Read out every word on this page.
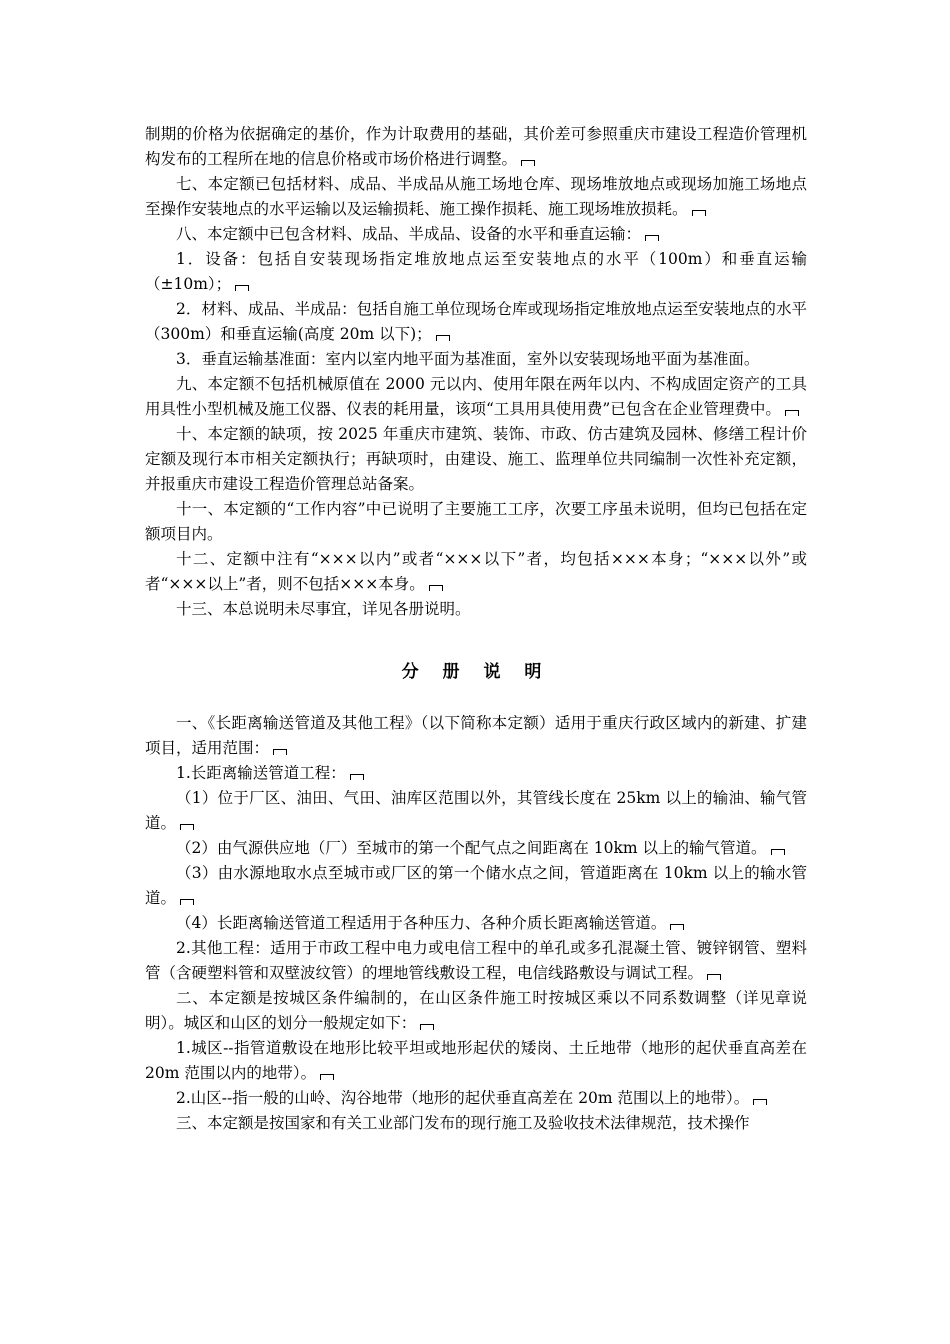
制期的价格为依据确定的基价，作为计取费用的基础，其价差可参照重庆市建设工程造价管理机构发布的工程所在地的信息价格或市场价格进行调整。

七、本定额已包括材料、成品、半成品从施工场地仓库、现场堆放地点或现场加施工场地点至操作安装地点的水平运输以及运输损耗、施工操作损耗、施工现场堆放损耗。

八、本定额中已包含材料、成品、半成品、设备的水平和垂直运输：

1．设备：包括自安装现场指定堆放地点运至安装地点的水平（100m）和垂直运输（±10m）；

2．材料、成品、半成品：包括自施工单位现场仓库或现场指定堆放地点运至安装地点的水平（300m）和垂直运输(高度 20m 以下)；

3．垂直运输基准面：室内以室内地平面为基准面，室外以安装现场地平面为基准面。

九、本定额不包括机械原值在 2000 元以内、使用年限在两年以内、不构成固定资产的工具用具性小型机械及施工仪器、仪表的耗用量，该项“工具用具使用费”已包含在企业管理费中。

十、本定额的缺项，按 2025 年重庆市建筑、装饰、市政、仿古建筑及园林、修缮工程计价定额及现行本市相关定额执行；再缺项时，由建设、施工、监理单位共同编制一次性补充定额，并报重庆市建设工程造价管理总站备案。

十一、本定额的“工作内容”中已说明了主要施工工序，次要工序虽未说明，但均已包括在定额项目内。

十二、定额中注有“×××以内”或者“×××以下”者，均包括×××本身；“×××以外”或者“×××以上”者，则不包括×××本身。

十三、本总说明未尽事宜，详见各册说明。

分 册 说 明

一、《长距离输送管道及其他工程》（以下简称本定额）适用于重庆行政区域内的新建、扩建项目，适用范围：

1.长距离输送管道工程：

（1）位于厂区、油田、气田、油库区范围以外，其管线长度在 25km 以上的输油、输气管道。

（2）由气源供应地（厂）至城市的第一个配气点之间距离在 10km 以上的输气管道。

（3）由水源地取水点至城市或厂区的第一个储水点之间，管道距离在 10km 以上的输水管道。

（4）长距离输送管道工程适用于各种压力、各种介质长距离输送管道。

2.其他工程：适用于市政工程中电力或电信工程中的单孔或多孔混凝土管、镀锌钢管、塑料管（含硬塑料管和双壁波纹管）的埋地管线敷设工程，电信线路敷设与调试工程。

二、本定额是按城区条件编制的，在山区条件施工时按城区乘以不同系数调整（详见章说明）。城区和山区的划分一般规定如下：

1.城区--指管道敷设在地形比较平坦或地形起伏的矮岗、土丘地带（地形的起伏垂直高差在 20m 范围以内的地带）。

2.山区--指一般的山岭、沟谷地带（地形的起伏垂直高差在 20m 范围以上的地带）。

三、本定额是按国家和有关工业部门发布的现行施工及验收技术法律规范，技术操作
